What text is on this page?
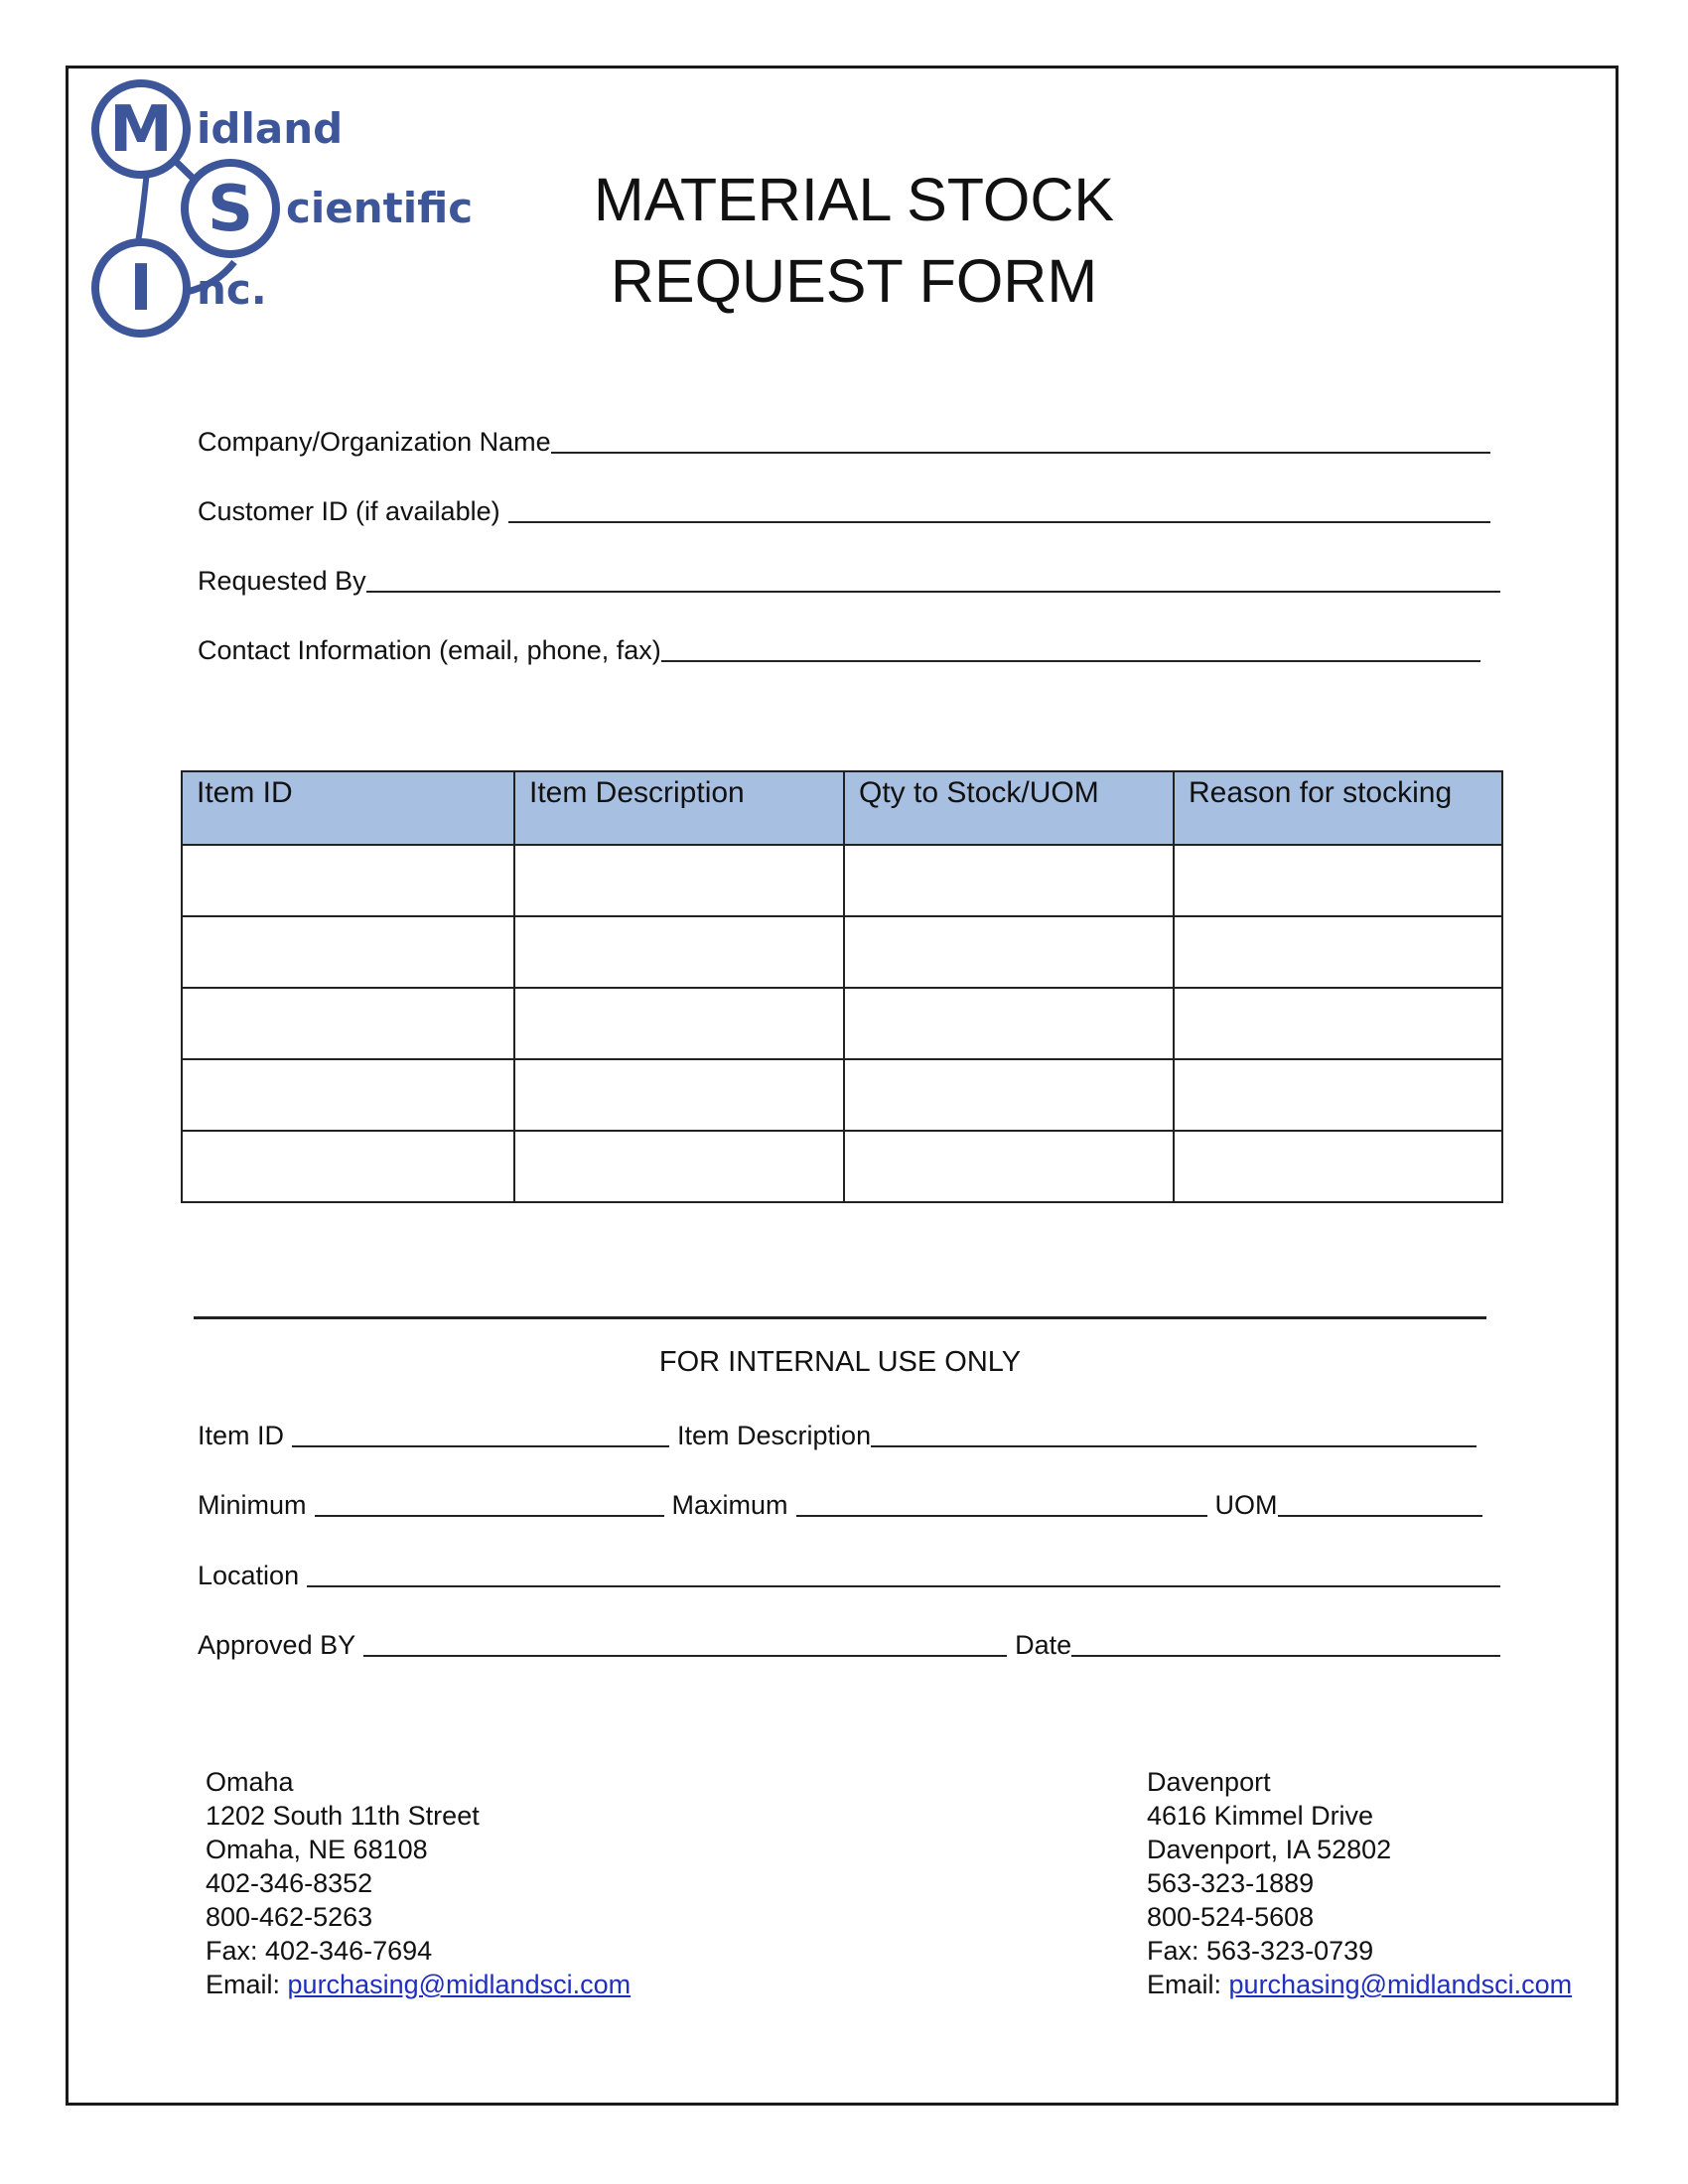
M
S
I
idland
cientific
nc.
MATERIAL STOCK
REQUEST FORM
Company/Organization Name
Customer ID (if available)
Requested By
Contact Information (email, phone, fax)
Item ID	Item Description	Qty to Stock/UOM	Reason for stocking

FOR INTERNAL USE ONLY
Item ID	Item Description
Minimum	Maximum	UOM
Location
Approved BY	Date
Omaha
1202 South 11th Street
Omaha, NE 68108
402-346-8352
800-462-5263
Fax: 402-346-7694
Email: purchasing@midlandsci.com
Davenport
4616 Kimmel Drive
Davenport, IA 52802
563-323-1889
800-524-5608
Fax: 563-323-0739
Email: purchasing@midlandsci.com
